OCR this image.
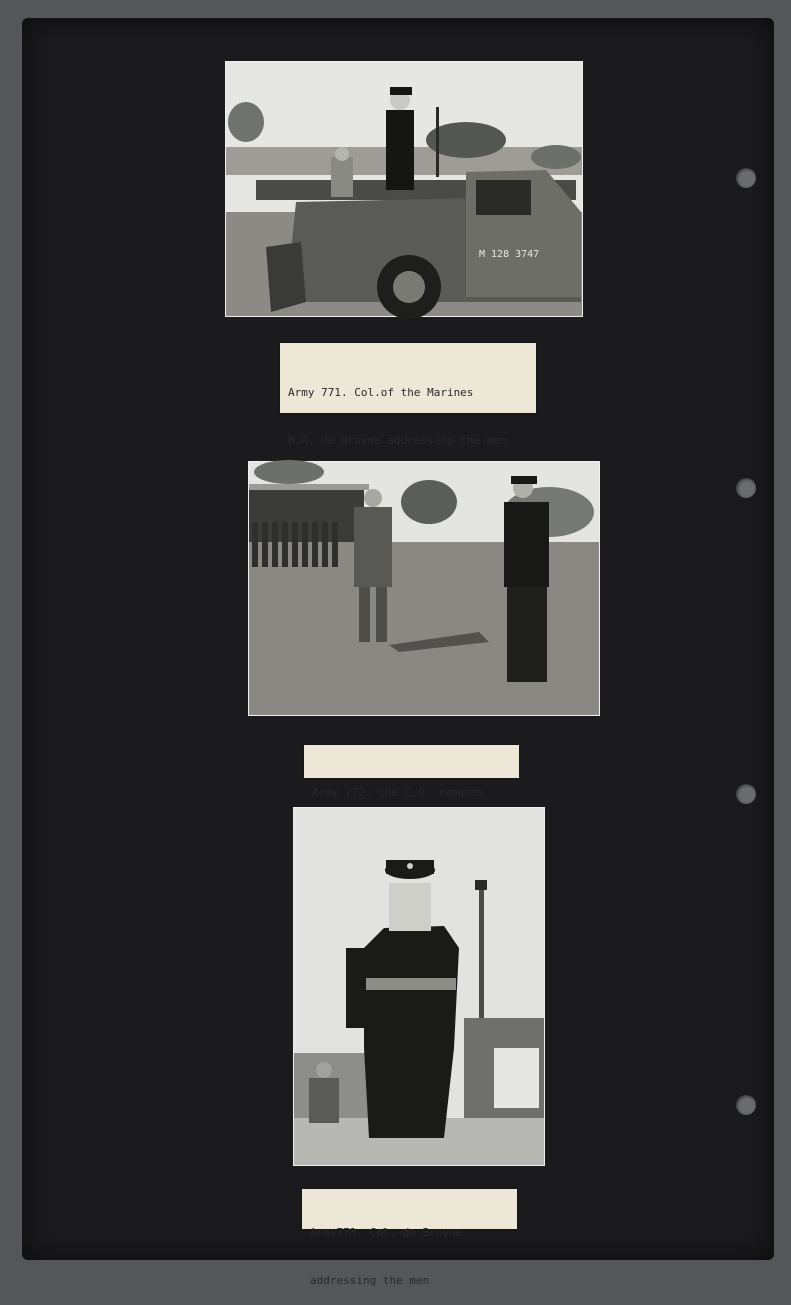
M 128 3747

Army 771. Col.of the Marines

M.R. de Bruyne addressing the men

Army 772. the C.O. reports

Army773. Col. de Bruyne

addressing the men
